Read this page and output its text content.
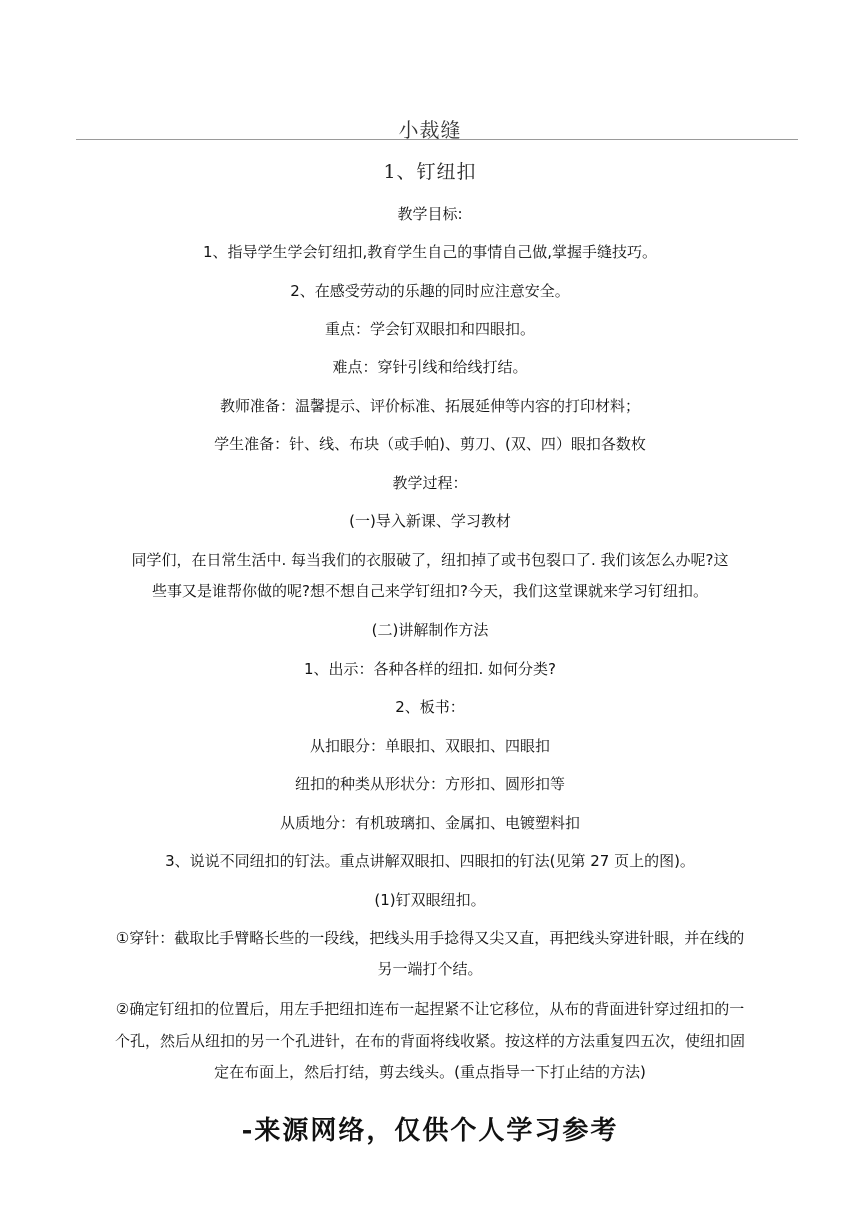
小裁缝
1、钉纽扣
教学目标:
1、指导学生学会钉纽扣,教育学生自己的事情自己做,掌握手缝技巧。
2、在感受劳动的乐趣的同时应注意安全。
重点：学会钉双眼扣和四眼扣。
难点：穿针引线和给线打结。
教师准备：温馨提示、评价标准、拓展延伸等内容的打印材料；
学生准备：针、线、布块（或手帕)、剪刀、(双、四）眼扣各数枚
教学过程：
(一)导入新课、学习教材
同学们，在日常生活中. 每当我们的衣服破了，纽扣掉了或书包裂口了. 我们该怎么办呢?这
些事又是谁帮你做的呢?想不想自己来学钉纽扣?今天，我们这堂课就来学习钉纽扣。
(二)讲解制作方法
1、出示：各种各样的纽扣. 如何分类?
2、板书：
从扣眼分：单眼扣、双眼扣、四眼扣
纽扣的种类从形状分：方形扣、圆形扣等
从质地分：有机玻璃扣、金属扣、电镀塑料扣
3、说说不同纽扣的钉法。重点讲解双眼扣、四眼扣的钉法(见第 27 页上的图)。
(1)钉双眼纽扣。
①穿针：截取比手臂略长些的一段线，把线头用手捻得又尖又直，再把线头穿进针眼，并在线的
另一端打个结。
②确定钉纽扣的位置后，用左手把纽扣连布一起捏紧不让它移位，从布的背面进针穿过纽扣的一
个孔，然后从纽扣的另一个孔进针，在布的背面将线收紧。按这样的方法重复四五次，使纽扣固
定在布面上，然后打结，剪去线头。(重点指导一下打止结的方法)
-来源网络，仅供个人学习参考
